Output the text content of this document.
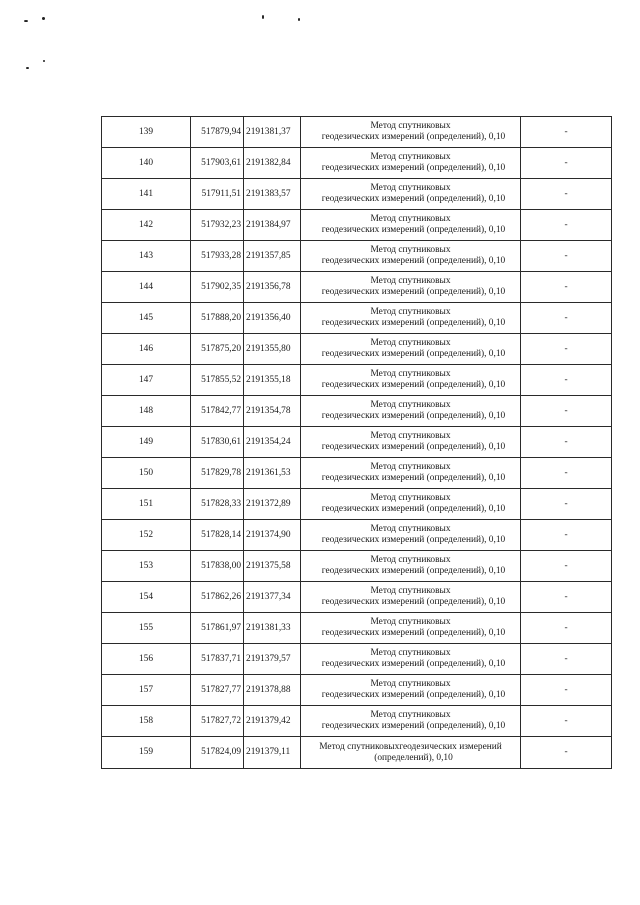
139	517879,94	2191381,37	Метод спутниковых
геодезических измерений (определений), 0,10	-
140	517903,61	2191382,84	Метод спутниковых
геодезических измерений (определений), 0,10	-
141	517911,51	2191383,57	Метод спутниковых
геодезических измерений (определений), 0,10	-
142	517932,23	2191384,97	Метод спутниковых
геодезических измерений (определений), 0,10	-
143	517933,28	2191357,85	Метод спутниковых
геодезических измерений (определений), 0,10	-
144	517902,35	2191356,78	Метод спутниковых
геодезических измерений (определений), 0,10	-
145	517888,20	2191356,40	Метод спутниковых
геодезических измерений (определений), 0,10	-
146	517875,20	2191355,80	Метод спутниковых
геодезических измерений (определений), 0,10	-
147	517855,52	2191355,18	Метод спутниковых
геодезических измерений (определений), 0,10	-
148	517842,77	2191354,78	Метод спутниковых
геодезических измерений (определений), 0,10	-
149	517830,61	2191354,24	Метод спутниковых
геодезических измерений (определений), 0,10	-
150	517829,78	2191361,53	Метод спутниковых
геодезических измерений (определений), 0,10	-
151	517828,33	2191372,89	Метод спутниковых
геодезических измерений (определений), 0,10	-
152	517828,14	2191374,90	Метод спутниковых
геодезических измерений (определений), 0,10	-
153	517838,00	2191375,58	Метод спутниковых
геодезических измерений (определений), 0,10	-
154	517862,26	2191377,34	Метод спутниковых
геодезических измерений (определений), 0,10	-
155	517861,97	2191381,33	Метод спутниковых
геодезических измерений (определений), 0,10	-
156	517837,71	2191379,57	Метод спутниковых
геодезических измерений (определений), 0,10	-
157	517827,77	2191378,88	Метод спутниковых
геодезических измерений (определений), 0,10	-
158	517827,72	2191379,42	Метод спутниковых
геодезических измерений (определений), 0,10	-
159	517824,09	2191379,11	Метод спутниковыхгеодезических измерений
(определений), 0,10	-
